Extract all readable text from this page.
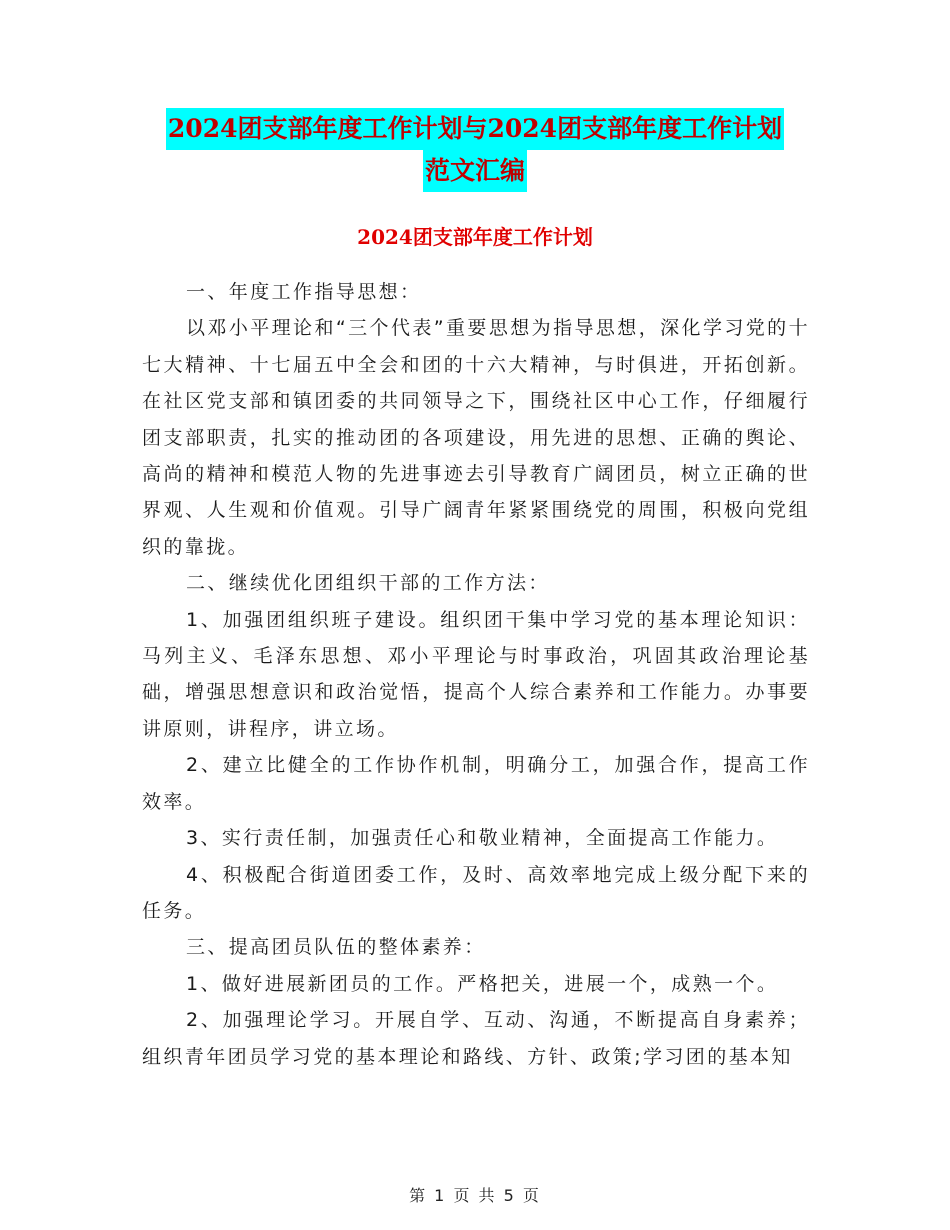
2024团支部年度工作计划与2024团支部年度工作计划
范文汇编
2024团支部年度工作计划

一、年度工作指导思想：

以邓小平理论和“三个代表”重要思想为指导思想，深化学习党的十七大精神、十七届五中全会和团的十六大精神，与时俱进，开拓创新。在社区党支部和镇团委的共同领导之下，围绕社区中心工作，仔细履行团支部职责，扎实的推动团的各项建设，用先进的思想、正确的舆论、高尚的精神和模范人物的先进事迹去引导教育广阔团员，树立正确的世界观、人生观和价值观。引导广阔青年紧紧围绕党的周围，积极向党组织的靠拢。

二、继续优化团组织干部的工作方法：

1、加强团组织班子建设。组织团干集中学习党的基本理论知识：马列主义、毛泽东思想、邓小平理论与时事政治，巩固其政治理论基础，增强思想意识和政治觉悟，提高个人综合素养和工作能力。办事要讲原则，讲程序，讲立场。

2、建立比健全的工作协作机制，明确分工，加强合作，提高工作效率。

3、实行责任制，加强责任心和敬业精神，全面提高工作能力。

4、积极配合街道团委工作，及时、高效率地完成上级分配下来的任务。

三、提高团员队伍的整体素养：

1、做好进展新团员的工作。严格把关，进展一个，成熟一个。

2、加强理论学习。开展自学、互动、沟通，不断提高自身素养；组织青年团员学习党的基本理论和路线、方针、政策;学习团的基本知

第 1 页 共 5 页
